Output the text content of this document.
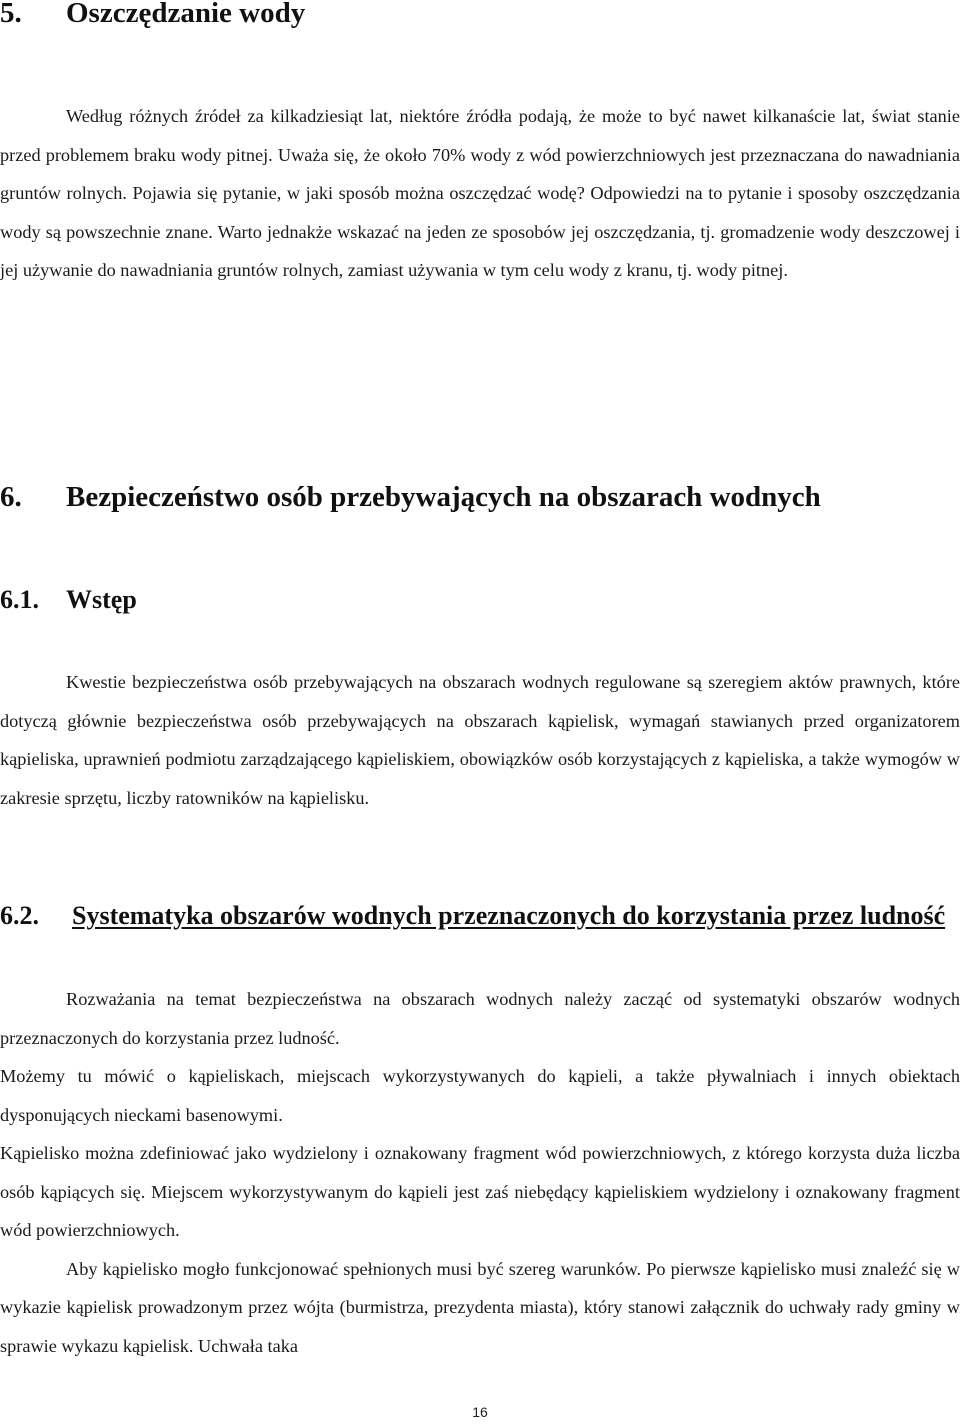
5. Oszczędzanie wody

Według różnych źródeł za kilkadziesiąt lat, niektóre źródła podają, że może to być nawet kilkanaście lat, świat stanie przed problemem braku wody pitnej. Uważa się, że około 70% wody z wód powierzchniowych jest przeznaczana do nawadniania gruntów rolnych. Pojawia się pytanie, w jaki sposób można oszczędzać wodę? Odpowiedzi na to pytanie i sposoby oszczędzania wody są powszechnie znane. Warto jednakże wskazać na jeden ze sposobów jej oszczędzania, tj. gromadzenie wody deszczowej i jej używanie do nawadniania gruntów rolnych, zamiast używania w tym celu wody z kranu, tj. wody pitnej.

6. Bezpieczeństwo osób przebywających na obszarach wodnych
6.1. Wstęp

Kwestie bezpieczeństwa osób przebywających na obszarach wodnych regulowane są szeregiem aktów prawnych, które dotyczą głównie bezpieczeństwa osób przebywających na obszarach kąpielisk, wymagań stawianych przed organizatorem kąpieliska, uprawnień podmiotu zarządzającego kąpieliskiem, obowiązków osób korzystających z kąpieliska, a także wymogów w zakresie sprzętu, liczby ratowników na kąpielisku.

6.2. Systematyka obszarów wodnych przeznaczonych do korzystania przez ludność

Rozważania na temat bezpieczeństwa na obszarach wodnych należy zacząć od systematyki obszarów wodnych przeznaczonych do korzystania przez ludność.

Możemy tu mówić o kąpieliskach, miejscach wykorzystywanych do kąpieli, a także pływalniach i innych obiektach dysponujących nieckami basenowymi.

Kąpielisko można zdefiniować jako wydzielony i oznakowany fragment wód powierzchniowych, z którego korzysta duża liczba osób kąpiących się. Miejscem wykorzystywanym do kąpieli jest zaś niebędący kąpieliskiem wydzielony i oznakowany fragment wód powierzchniowych.

Aby kąpielisko mogło funkcjonować spełnionych musi być szereg warunków. Po pierwsze kąpielisko musi znaleźć się w wykazie kąpielisk prowadzonym przez wójta (burmistrza, prezydenta miasta), który stanowi załącznik do uchwały rady gminy w sprawie wykazu kąpielisk. Uchwała taka

16
